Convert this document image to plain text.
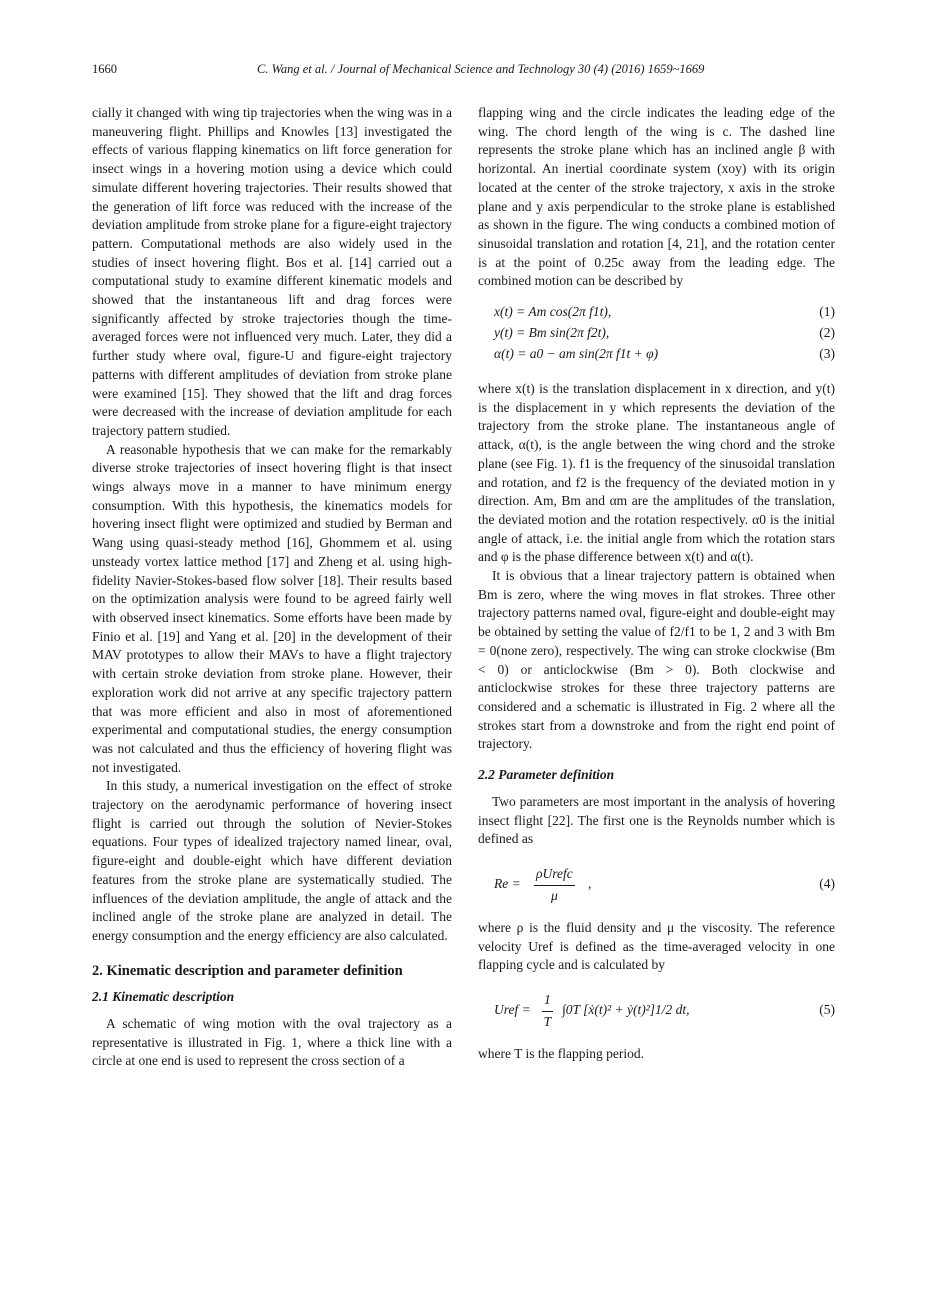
1660	C. Wang et al. / Journal of Mechanical Science and Technology 30 (4) (2016) 1659~1669

cially it changed with wing tip trajectories when the wing was in a maneuvering flight. Phillips and Knowles [13] investigated the effects of various flapping kinematics on lift force generation for insect wings in a hovering motion using a device which could simulate different hovering trajectories. Their results showed that the generation of lift force was reduced with the increase of the deviation amplitude from stroke plane for a figure-eight trajectory pattern. Computational methods are also widely used in the studies of insect hovering flight. Bos et al. [14] carried out a computational study to examine different kinematic models and showed that the instantaneous lift and drag forces were significantly affected by stroke trajectories though the time-averaged forces were not influenced very much. Later, they did a further study where oval, figure-U and figure-eight trajectory patterns with different amplitudes of deviation from stroke plane were examined [15]. They showed that the lift and drag forces were decreased with the increase of deviation amplitude for each trajectory pattern studied.

A reasonable hypothesis that we can make for the remarkably diverse stroke trajectories of insect hovering flight is that insect wings always move in a manner to have minimum energy consumption. With this hypothesis, the kinematics models for hovering insect flight were optimized and studied by Berman and Wang using quasi-steady method [16], Ghommem et al. using unsteady vortex lattice method [17] and Zheng et al. using high-fidelity Navier-Stokes-based flow solver [18]. Their results based on the optimization analysis were found to be agreed fairly well with observed insect kinematics. Some efforts have been made by Finio et al. [19] and Yang et al. [20] in the development of their MAV prototypes to allow their MAVs to have a flight trajectory with certain stroke deviation from stroke plane. However, their exploration work did not arrive at any specific trajectory pattern that was more efficient and also in most of aforementioned experimental and computational studies, the energy consumption was not calculated and thus the efficiency of hovering flight was not investigated.

In this study, a numerical investigation on the effect of stroke trajectory on the aerodynamic performance of hovering insect flight is carried out through the solution of Nevier-Stokes equations. Four types of idealized trajectory named linear, oval, figure-eight and double-eight which have different deviation features from the stroke plane are systematically studied. The influences of the deviation amplitude, the angle of attack and the inclined angle of the stroke plane are analyzed in detail. The energy consumption and the energy efficiency are also calculated.

2. Kinematic description and parameter definition
2.1 Kinematic description

A schematic of wing motion with the oval trajectory as a representative is illustrated in Fig. 1, where a thick line with a circle at one end is used to represent the cross section of a

flapping wing and the circle indicates the leading edge of the wing. The chord length of the wing is c. The dashed line represents the stroke plane which has an inclined angle β with horizontal. An inertial coordinate system (xoy) with its origin located at the center of the stroke trajectory, x axis in the stroke plane and y axis perpendicular to the stroke plane is established as shown in the figure. The wing conducts a combined motion of sinusoidal translation and rotation [4, 21], and the rotation center is at the point of 0.25c away from the leading edge. The combined motion can be described by

x(t) = Am cos(2π f1t),	(1)
y(t) = Bm sin(2π f2t),	(2)
α(t) = a0 − am sin(2π f1t + φ)	(3)

where x(t) is the translation displacement in x direction, and y(t) is the displacement in y which represents the deviation of the trajectory from the stroke plane. The instantaneous angle of attack, α(t), is the angle between the wing chord and the stroke plane (see Fig. 1). f1 is the frequency of the sinusoidal translation and rotation, and f2 is the frequency of the deviated motion in y direction. Am, Bm and αm are the amplitudes of the translation, the deviated motion and the rotation respectively. α0 is the initial angle of attack, i.e. the initial angle from which the rotation stars and φ is the phase difference between x(t) and α(t).

It is obvious that a linear trajectory pattern is obtained when Bm is zero, where the wing moves in flat strokes. Three other trajectory patterns named oval, figure-eight and double-eight may be obtained by setting the value of f2/f1 to be 1, 2 and 3 with Bm = 0(none zero), respectively. The wing can stroke clockwise (Bm < 0) or anticlockwise (Bm > 0). Both clockwise and anticlockwise strokes for these three trajectory patterns are considered and a schematic is illustrated in Fig. 2 where all the strokes start from a downstroke and from the right end point of trajectory.

2.2 Parameter definition

Two parameters are most important in the analysis of hovering insect flight [22]. The first one is the Reynolds number which is defined as

Re =
ρUrefc
μ
,	(4)

where ρ is the fluid density and μ the viscosity. The reference velocity Uref is defined as the time-averaged velocity in one flapping cycle and is calculated by

Uref = $\frac{1}{T} \int 0T$ [ẋ(t)² + ẏ(t)²]1/2 dt,	(5)

where T is the flapping period.
